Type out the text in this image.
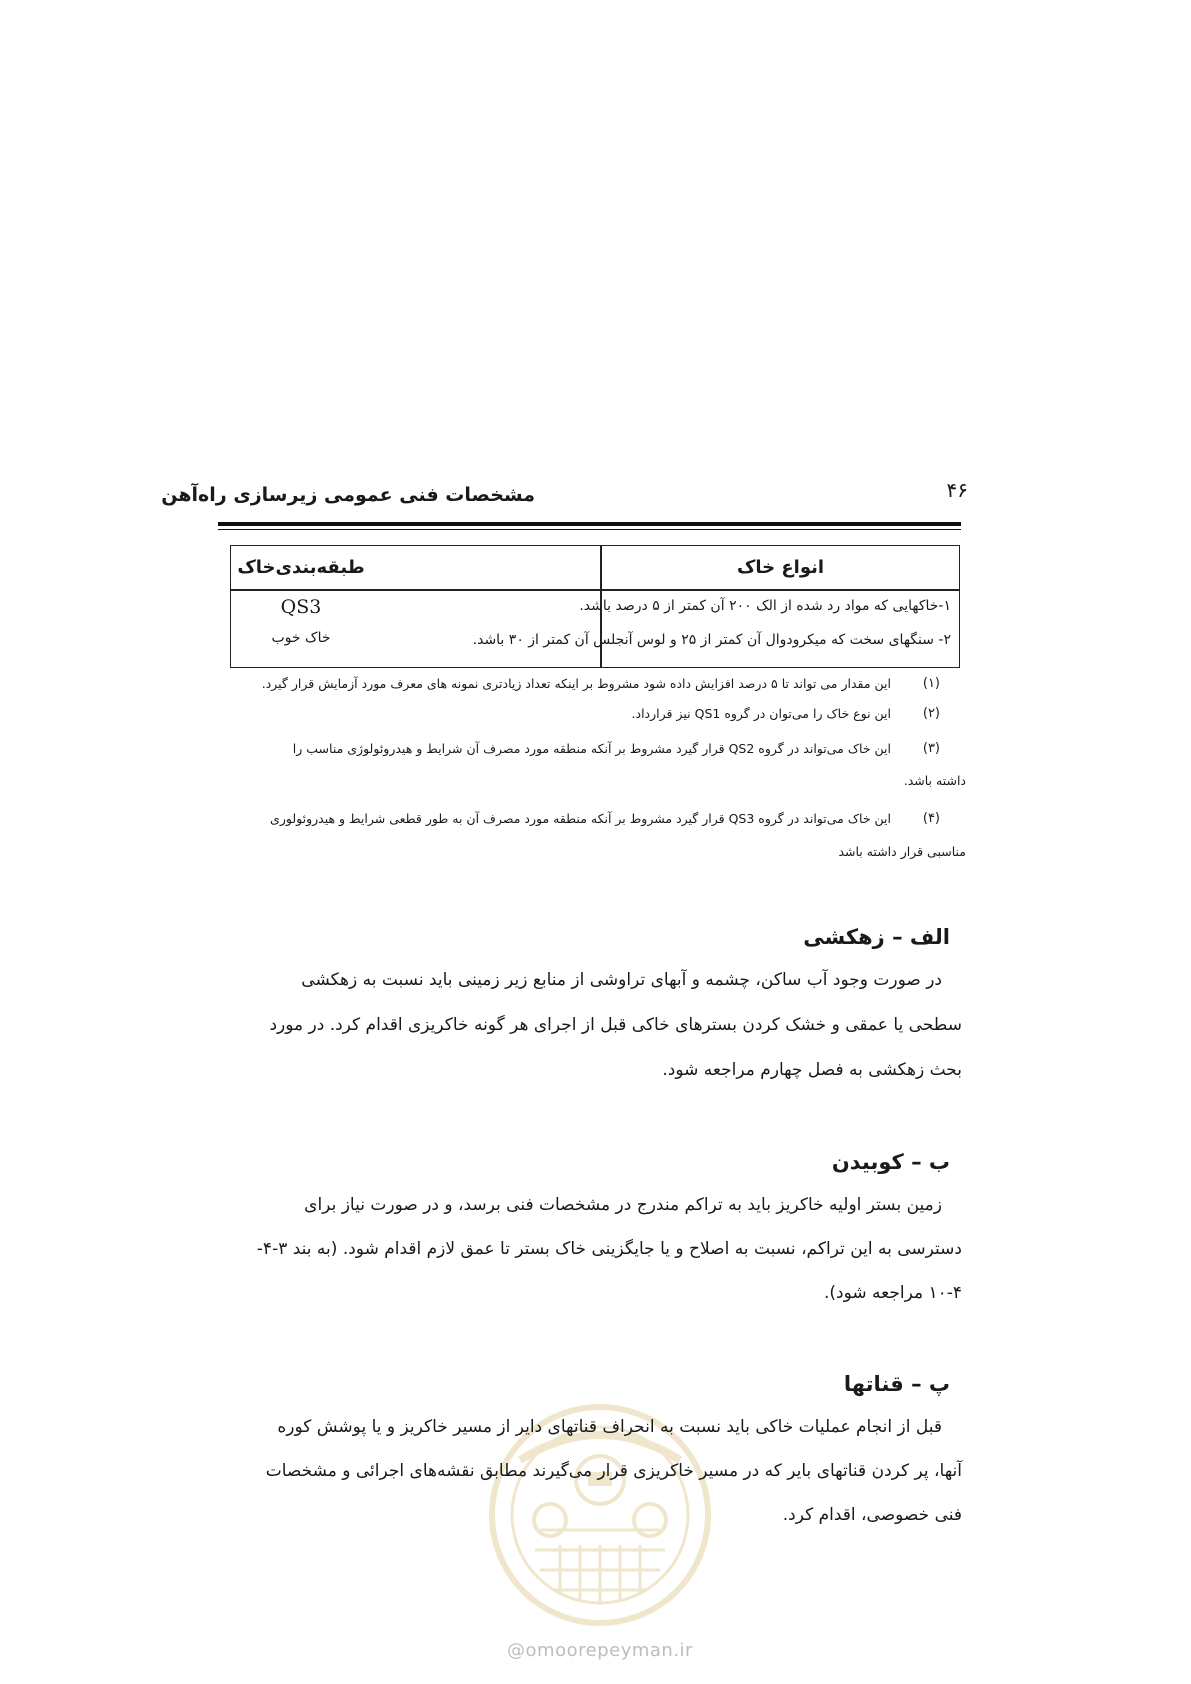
مشخصات فنی عمومی زیرسازی راه‌آهن	۴۶
انواع خاک
طبقه‌بندی‌خاک
QS3
خاک خوب
۱-خاکهایی که مواد رد شده از الک ۲۰۰ آن کمتر از ۵ درصد باشد.
۲- سنگهای سخت که میکرودوال آن کمتر از ۲۵ و لوس آنجلس آن کمتر از ۳۰ باشد.
(۱)
این مقدار می تواند تا ۵ درصد افزایش داده شود مشروط بر اینکه تعداد زیادتری نمونه های معرف مورد آزمایش قرار گیرد.
(۲)
این نوع خاک را می‌توان در گروه QS1 نیز قرارداد.
(۳)
این خاک می‌تواند در گروه QS2 قرار گیرد مشروط بر آنکه منطقه مورد مصرف آن شرایط و هیدروئولوژی مناسب را
داشته باشد.
(۴)
این خاک می‌تواند در گروه QS3 قرار گیرد مشروط بر آنکه منطقه مورد مصرف آن به طور قطعی شرایط و هیدروئولوری
مناسبی قرار داشته باشد
الف – زهکشی
در صورت وجود آب ساکن، چشمه و آبهای تراوشی از منابع زیر زمینی باید نسبت به زهکشی
سطحی یا عمقی و خشک کردن بسترهای خاکی قبل از اجرای هر گونه خاکریزی اقدام کرد. در مورد
بحث زهکشی به فصل چهارم مراجعه شود.
ب – کوبیدن
زمین بستر اولیه خاکریز باید به تراکم مندرج در مشخصات فنی برسد، و در صورت نیاز برای
دسترسی به این تراکم، نسبت به اصلاح و یا جایگزینی خاک بستر تا عمق لازم اقدام شود. (به بند ۳-۴-
۱۰-۴ مراجعه شود).
پ – قناتها
قبل از انجام عملیات خاکی باید نسبت به انحراف قناتهای دایر از مسیر خاکریز و یا پوشش کوره
آنها، پر کردن قناتهای بایر که در مسیر خاکریزی قرار می‌گیرند مطابق نقشه‌های اجرائی و مشخصات
فنی خصوصی، اقدام کرد.
@omoorepeyman.ir
